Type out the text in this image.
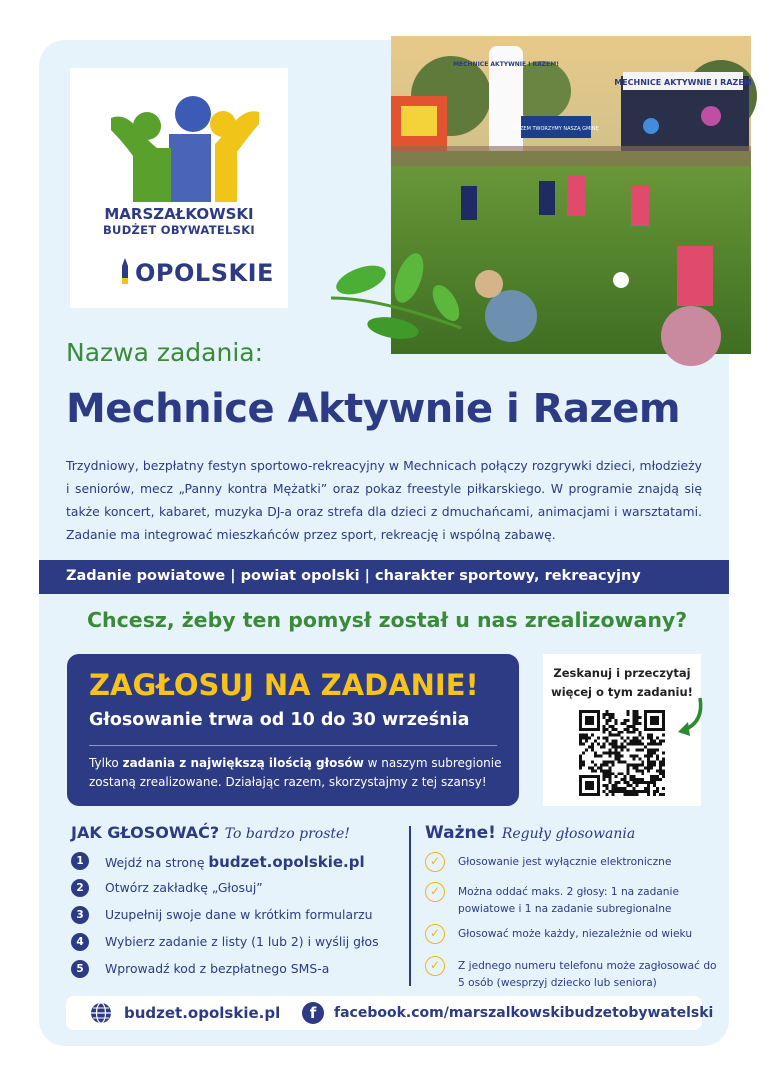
MARSZAŁKOWSKI
BUDŻET OBYWATELSKI
OPOLSKIE
MECHNICE AKTYWNIE I RAZEM
MECHNICE AKTYWNIE I RAZEM!
RAZEM TWORZYMY NASZĄ GMINĘ
Nazwa zadania:
Mechnice Aktywnie i Razem
Trzydniowy, bezpłatny festyn sportowo-rekreacyjny w Mechnicach połączy rozgrywki dzieci, młodzieży i seniorów, mecz „Panny kontra Mężatki” oraz pokaz freestyle piłkarskiego. W programie znajdą się także koncert, kabaret, muzyka DJ-a oraz strefa dla dzieci z dmuchańcami, animacjami i warsztatami. Zadanie ma integrować mieszkańców przez sport, rekreację i wspólną zabawę.
Zadanie powiatowe | powiat opolski | charakter sportowy, rekreacyjny
Chcesz, żeby ten pomysł został u nas zrealizowany?
ZAGŁOSUJ NA ZADANIE!
Głosowanie trwa od 10 do 30 września
Tylko zadania z największą ilością głosów w naszym subregionie zostaną zrealizowane. Działając razem, skorzystajmy z tej szansy!
Zeskanuj i przeczytaj więcej o tym zadaniu!
JAK GŁOSOWAĆ? To bardzo proste!
1	Wejdź na stronę budzet.opolskie.pl
2	Otwórz zakładkę „Głosuj”
3	Uzupełnij swoje dane w krótkim formularzu
4	Wybierz zadanie z listy (1 lub 2) i wyślij głos
5	Wprowadź kod z bezpłatnego SMS-a
Ważne! Reguły głosowania
✓	Głosowanie jest wyłącznie elektroniczne
✓	Można oddać maks. 2 głosy: 1 na zadanie powiatowe i 1 na zadanie subregionalne
✓	Głosować może każdy, niezależnie od wieku
✓	Z jednego numeru telefonu może zagłosować do 5 osób (wesprzyj dziecko lub seniora)
budzet.opolskie.pl	f	facebook.com/marszalkowskibudzetobywatelski
